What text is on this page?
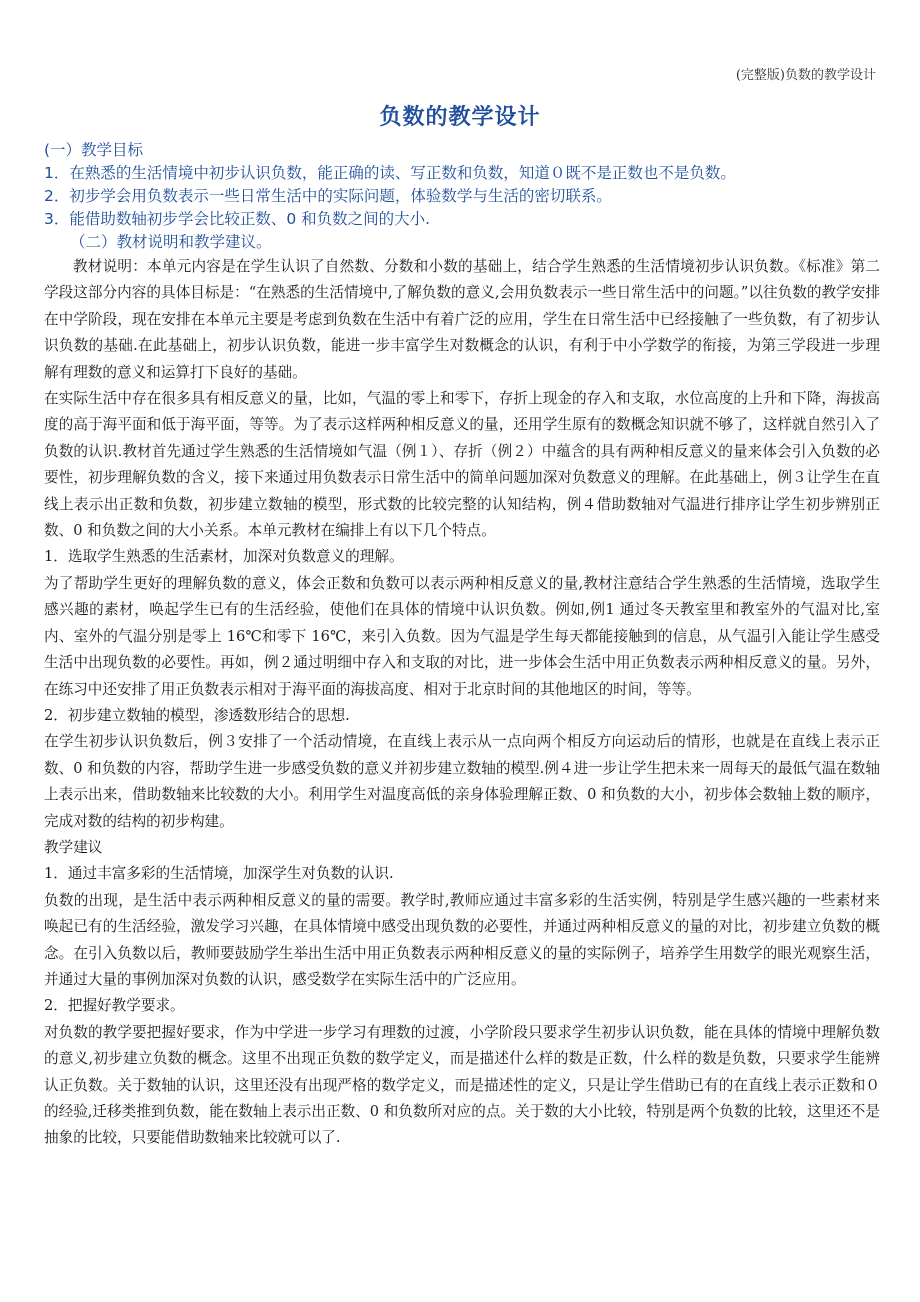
(完整版)负数的教学设计
负数的教学设计

(一）教学目标

1．在熟悉的生活情境中初步认识负数，能正确的读、写正数和负数，知道０既不是正数也不是负数。

2．初步学会用负数表示一些日常生活中的实际问题，体验数学与生活的密切联系。

3．能借助数轴初步学会比较正数、0 和负数之间的大小.

（二）教材说明和教学建议。

教材说明：本单元内容是在学生认识了自然数、分数和小数的基础上，结合学生熟悉的生活情境初步认识负数。《标准》第二学段这部分内容的具体目标是：“在熟悉的生活情境中,了解负数的意义,会用负数表示一些日常生活中的问题。”以往负数的教学安排在中学阶段，现在安排在本单元主要是考虑到负数在生活中有着广泛的应用，学生在日常生活中已经接触了一些负数，有了初步认识负数的基础.在此基础上，初步认识负数，能进一步丰富学生对数概念的认识，有利于中小学数学的衔接，为第三学段进一步理解有理数的意义和运算打下良好的基础。

在实际生活中存在很多具有相反意义的量，比如，气温的零上和零下，存折上现金的存入和支取，水位高度的上升和下降，海拔高度的高于海平面和低于海平面，等等。为了表示这样两种相反意义的量，还用学生原有的数概念知识就不够了，这样就自然引入了负数的认识.教材首先通过学生熟悉的生活情境如气温（例１）、存折（例２）中蕴含的具有两种相反意义的量来体会引入负数的必要性，初步理解负数的含义，接下来通过用负数表示日常生活中的简单问题加深对负数意义的理解。在此基础上，例３让学生在直线上表示出正数和负数，初步建立数轴的模型，形式数的比较完整的认知结构，例４借助数轴对气温进行排序让学生初步辨别正数、0 和负数之间的大小关系。本单元教材在编排上有以下几个特点。

1．选取学生熟悉的生活素材，加深对负数意义的理解。

为了帮助学生更好的理解负数的意义，体会正数和负数可以表示两种相反意义的量,教材注意结合学生熟悉的生活情境，选取学生感兴趣的素材，唤起学生已有的生活经验，使他们在具体的情境中认识负数。例如,例1 通过冬天教室里和教室外的气温对比,室内、室外的气温分别是零上 16℃和零下 16℃，来引入负数。因为气温是学生每天都能接触到的信息，从气温引入能让学生感受生活中出现负数的必要性。再如，例２通过明细中存入和支取的对比，进一步体会生活中用正负数表示两种相反意义的量。另外，在练习中还安排了用正负数表示相对于海平面的海拔高度、相对于北京时间的其他地区的时间，等等。

2．初步建立数轴的模型，渗透数形结合的思想.

在学生初步认识负数后，例３安排了一个活动情境，在直线上表示从一点向两个相反方向运动后的情形，也就是在直线上表示正数、0 和负数的内容，帮助学生进一步感受负数的意义并初步建立数轴的模型.例４进一步让学生把未来一周每天的最低气温在数轴上表示出来，借助数轴来比较数的大小。利用学生对温度高低的亲身体验理解正数、0 和负数的大小，初步体会数轴上数的顺序，完成对数的结构的初步构建。

教学建议

1．通过丰富多彩的生活情境，加深学生对负数的认识.

负数的出现，是生活中表示两种相反意义的量的需要。教学时,教师应通过丰富多彩的生活实例，特别是学生感兴趣的一些素材来唤起已有的生活经验，激发学习兴趣，在具体情境中感受出现负数的必要性，并通过两种相反意义的量的对比，初步建立负数的概念。在引入负数以后，教师要鼓励学生举出生活中用正负数表示两种相反意义的量的实际例子，培养学生用数学的眼光观察生活，并通过大量的事例加深对负数的认识，感受数学在实际生活中的广泛应用。

2．把握好教学要求。

对负数的教学要把握好要求，作为中学进一步学习有理数的过渡，小学阶段只要求学生初步认识负数，能在具体的情境中理解负数的意义,初步建立负数的概念。这里不出现正负数的数学定义，而是描述什么样的数是正数，什么样的数是负数，只要求学生能辨认正负数。关于数轴的认识，这里还没有出现严格的数学定义，而是描述性的定义，只是让学生借助已有的在直线上表示正数和０的经验,迁移类推到负数，能在数轴上表示出正数、0 和负数所对应的点。关于数的大小比较，特别是两个负数的比较，这里还不是抽象的比较，只要能借助数轴来比较就可以了.
